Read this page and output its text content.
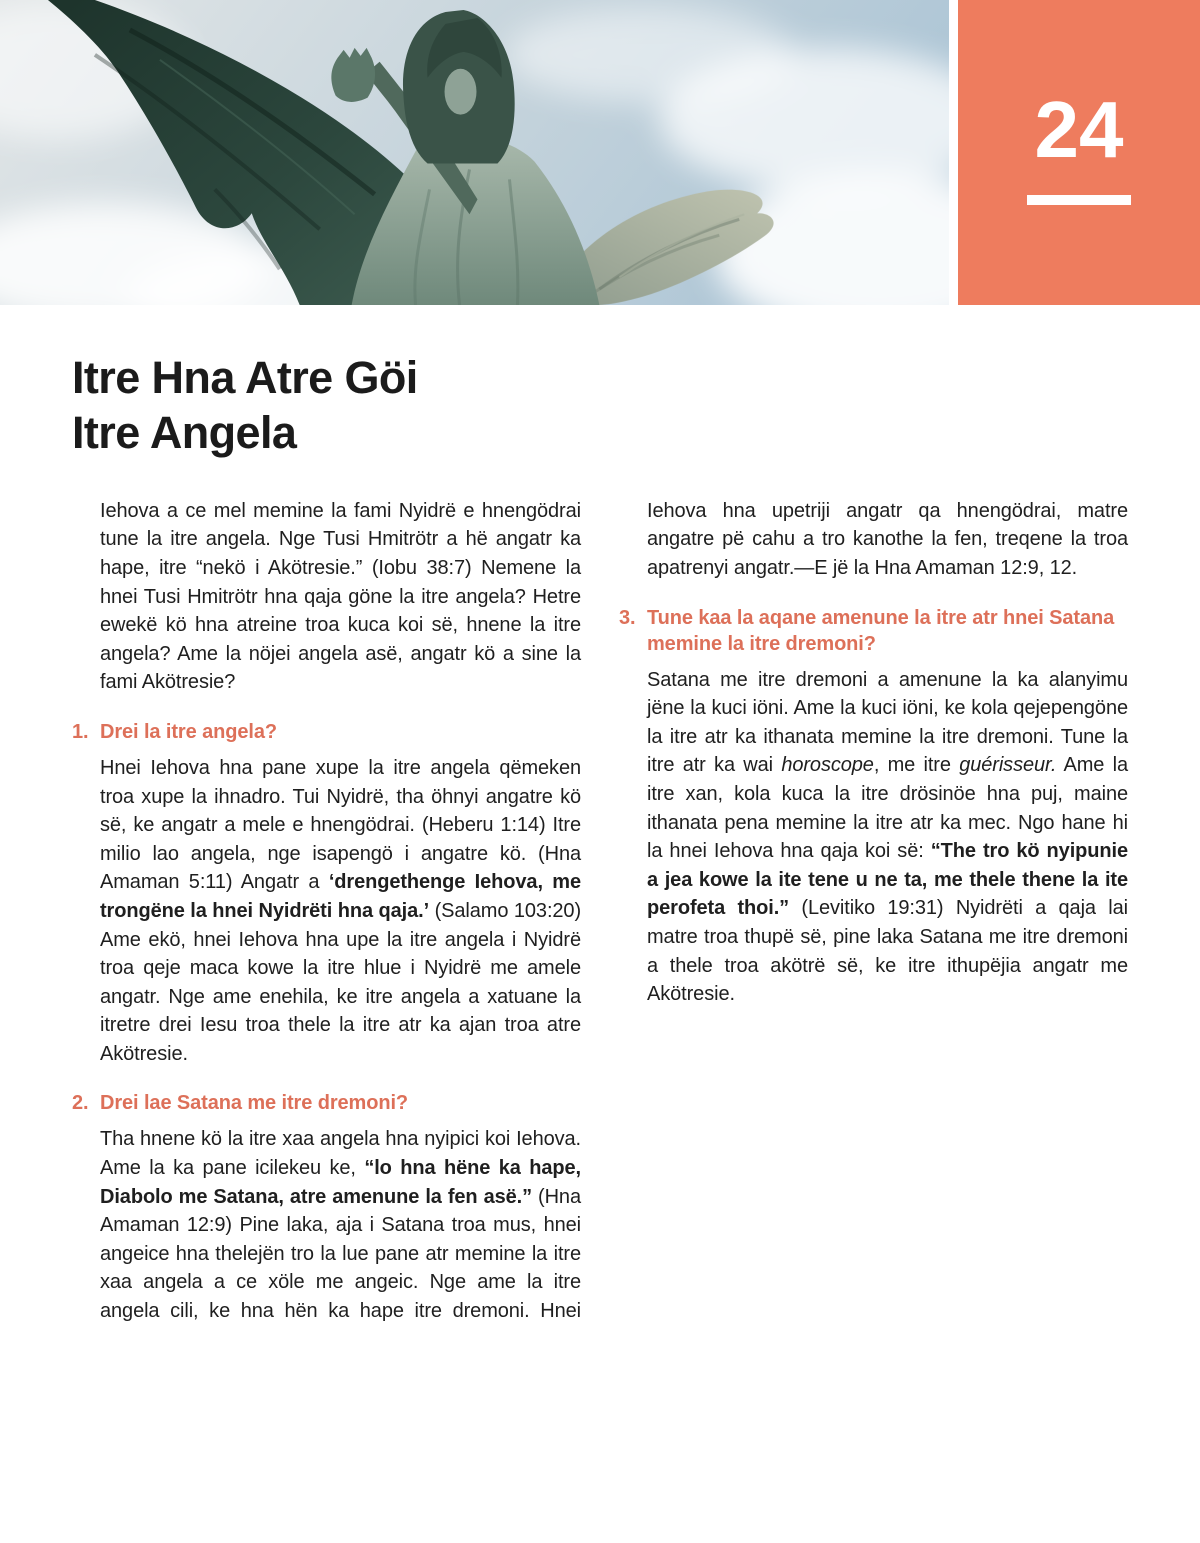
24
Itre Hna Atre Göi
Itre Angela

Iehova a ce mel memine la fami Nyidrë e hnengödrai tune la itre angela. Nge Tusi Hmitrötr a hë angatr ka hape, itre “nekö i Akötresie.” (Iobu 38:7) Nemene la hnei Tusi Hmitrötr hna qaja göne la itre angela? Hetre ewekë kö hna atreine troa kuca koi së, hnene la itre angela? Ame la nöjei angela asë, angatr kö a sine la fami Akötresie?

1. Drei la itre angela?

Hnei Iehova hna pane xupe la itre angela qëmeken troa xupe la ihnadro. Tui Nyidrë, tha öhnyi angatre kö së, ke angatr a mele e hnengödrai. (Heberu 1:14) Itre milio lao angela, nge isapengö i angatre kö. (Hna Amaman 5:11) Angatr a ‘drengethenge Iehova, me trongëne la hnei Nyidrëti hna qaja.’ (Salamo 103:20) Ame ekö, hnei Iehova hna upe la itre angela i Nyidrë troa qeje maca kowe la itre hlue i Nyidrë me amele angatr. Nge ame enehila, ke itre angela a xatuane la itretre drei Iesu troa thele la itre atr ka ajan troa atre Akötresie.

2. Drei lae Satana me itre dremoni?

Tha hnene kö la itre xaa angela hna nyipici koi Iehova. Ame la ka pane icilekeu ke, “lo hna hëne ka hape, Diabolo me Satana, atre amenune la fen asë.” (Hna Amaman 12:9) Pine laka, aja i Satana troa mus, hnei angeice hna thelejën tro la lue pane atr memine la itre xaa angela a ce xöle me angeic. Nge ame la itre angela cili, ke hna hën ka hape itre dremoni. Hnei Iehova hna upetriji angatr qa hnengödrai, matre angatre pë cahu a tro kanothe la fen, treqene la troa apatrenyi angatr.—E jë la Hna Amaman 12:9, 12.

3. Tune kaa la aqane amenune la itre atr hnei Satana memine la itre dremoni?

Satana me itre dremoni a amenune la ka alanyimu jëne la kuci iöni. Ame la kuci iöni, ke kola qejepengöne la itre atr ka ithanata memine la itre dremoni. Tune la itre atr ka wai horoscope, me itre guérisseur. Ame la itre xan, kola kuca la itre drösinöe hna puj, maine ithanata pena memine la itre atr ka mec. Ngo hane hi la hnei Iehova hna qaja koi së: “The tro kö nyipunie a jea kowe la ite tene u ne ta, me thele thene la ite perofeta thoi.” (Levitiko 19:31) Nyidrëti a qaja lai matre troa thupë së, pine laka Satana me itre dremoni a thele troa akötrë së, ke itre ithupëjia angatr me Akötresie.
